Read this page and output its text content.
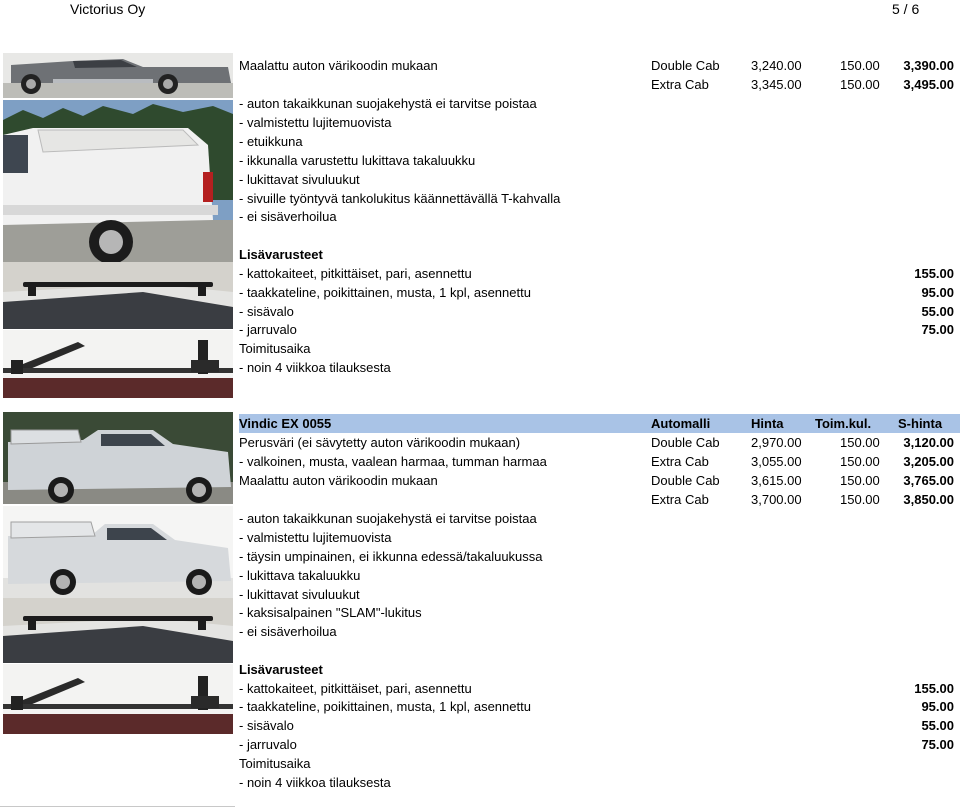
Victorius Oy	5 / 6
Maalattu auton värikoodin mukaan	Double Cab 3,240.00	150.00 3,390.00
Extra Cab	3,345.00	150.00 3,495.00
- auton takaikkunan suojakehystä ei tarvitse poistaa
- valmistettu lujitemuovista
- etuikkuna
- ikkunalla varustettu lukittava takaluukku
- lukittavat sivuluukut
- sivuille työntyvä tankolukitus käännettävällä T-kahvalla
- ei sisäverhoilua
Lisävarusteet
- kattokaiteet, pitkittäiset, pari, asennettu	155.00
- taakkateline, poikittainen, musta, 1 kpl, asennettu	95.00
- sisävalo	55.00
- jarruvalo	75.00
Toimitusaika
- noin 4 viikkoa tilauksesta
Vindic EX 0055	Automalli	Hinta Toim.kul. S-hinta
Perusväri (ei sävytetty auton värikoodin mukaan)	Double Cab 2,970.00	150.00 3,120.00
- valkoinen, musta, vaalean harmaa, tumman harmaa	Extra Cab	3,055.00	150.00 3,205.00
Maalattu auton värikoodin mukaan	Double Cab 3,615.00	150.00 3,765.00
Extra Cab	3,700.00	150.00 3,850.00
- auton takaikkunan suojakehystä ei tarvitse poistaa
- valmistettu lujitemuovista
- täysin umpinainen, ei ikkunna edessä/takaluukussa
- lukittava takaluukku
- lukittavat sivuluukut
- kaksisalpainen "SLAM"-lukitus
- ei sisäverhoilua
Lisävarusteet
- kattokaiteet, pitkittäiset, pari, asennettu	155.00
- taakkateline, poikittainen, musta, 1 kpl, asennettu	95.00
- sisävalo	55.00
- jarruvalo	75.00
Toimitusaika
- noin 4 viikkoa tilauksesta
